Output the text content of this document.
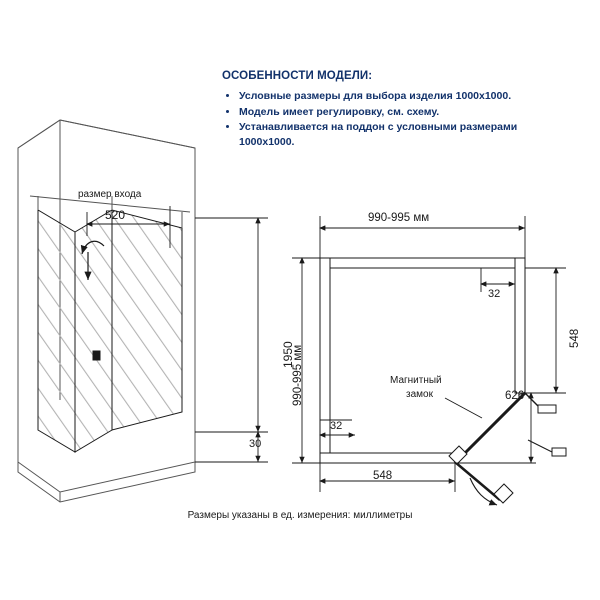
ОСОБЕННОСТИ МОДЕЛИ:
• Условные размеры для выбора изделия 1000x1000.
• Модель имеет регулировку, см. схему.
• Устанавливается на поддон с условными размерами 1000x1000.
размер входа
520
1950
30
990-995 мм
990-995 мм
32
32
548
548
626
Магнитный
замок
Размеры указаны в ед. измерения: миллиметры
